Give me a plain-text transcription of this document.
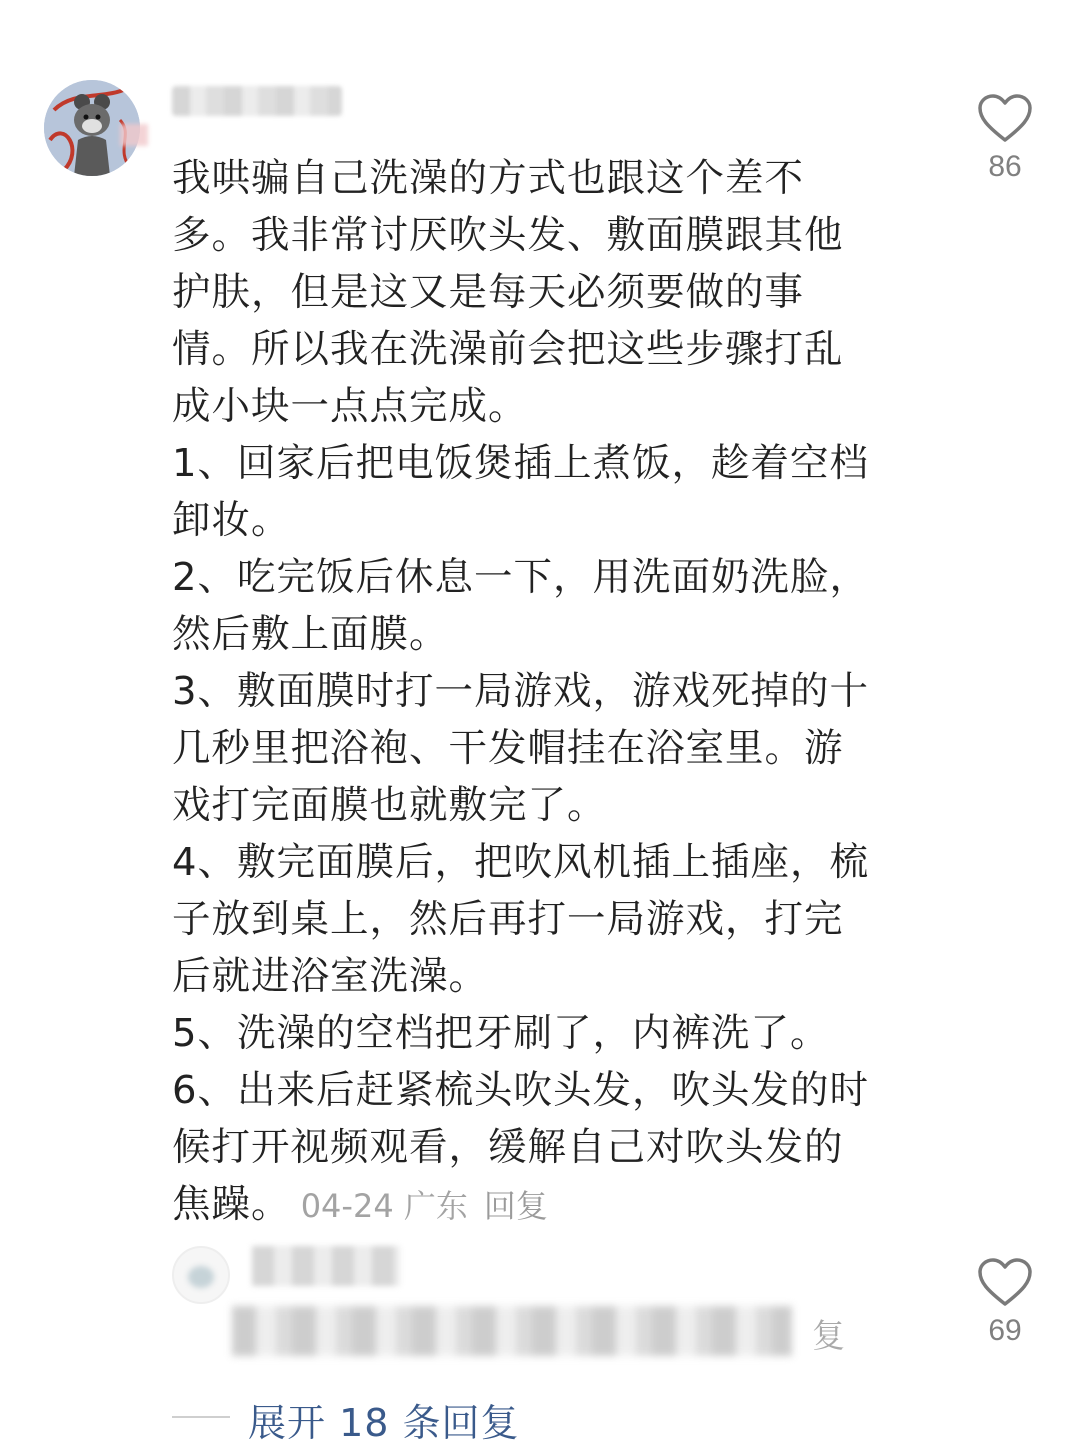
我哄骗自己洗澡的方式也跟这个差不
多。我非常讨厌吹头发、敷面膜跟其他
护肤，但是这又是每天必须要做的事
情。所以我在洗澡前会把这些步骤打乱
成小块一点点完成。
1、回家后把电饭煲插上煮饭，趁着空档
卸妆。
2、吃完饭后休息一下，用洗面奶洗脸，
然后敷上面膜。
3、敷面膜时打一局游戏，游戏死掉的十
几秒里把浴袍、干发帽挂在浴室里。游
戏打完面膜也就敷完了。
4、敷完面膜后，把吹风机插上插座，梳
子放到桌上，然后再打一局游戏，打完
后就进浴室洗澡。
5、洗澡的空档把牙刷了，内裤洗了。
6、出来后赶紧梳头吹头发，吹头发的时
候打开视频观看，缓解自己对吹头发的
焦躁。 04-24 广东 回复
86
复	69
展开 18 条回复
